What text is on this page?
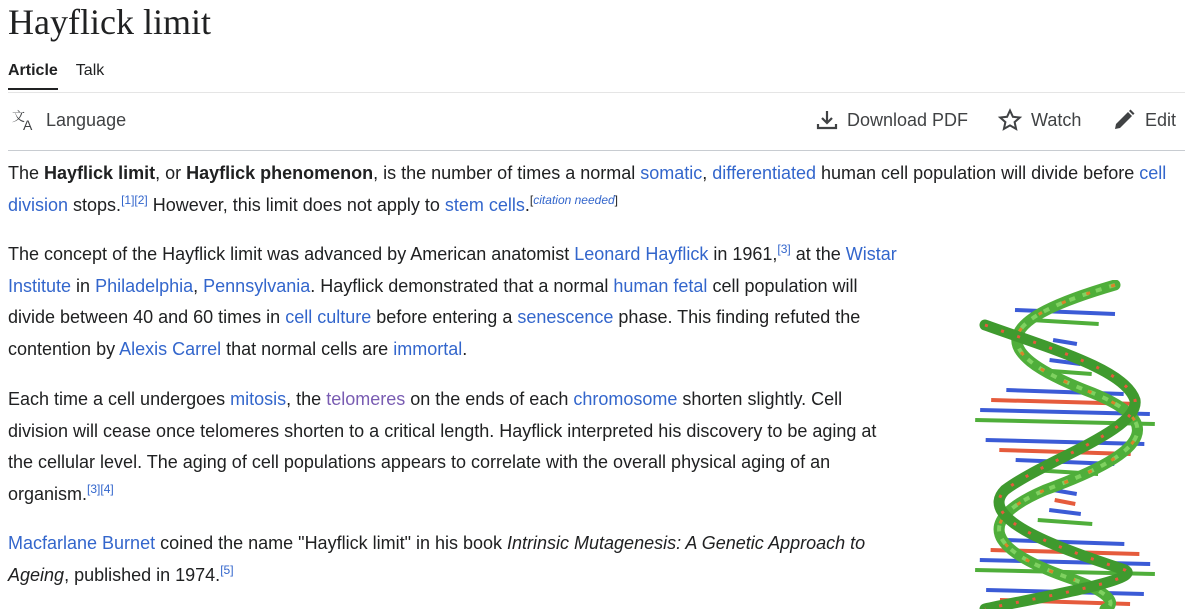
Hayflick limit
Article Talk
文
A Language	Download PDF	Watch	Edit

The Hayflick limit, or Hayflick phenomenon, is the number of times a normal somatic, differentiated human cell population will divide before cell division stops.[1][2] However, this limit does not apply to stem cells.[citation needed]

The concept of the Hayflick limit was advanced by American anatomist Leonard Hayflick in 1961,[3] at the Wistar Institute in Philadelphia, Pennsylvania. Hayflick demonstrated that a normal human fetal cell population will divide between 40 and 60 times in cell culture before entering a senescence phase. This finding refuted the contention by Alexis Carrel that normal cells are immortal.

Each time a cell undergoes mitosis, the telomeres on the ends of each chromosome shorten slightly. Cell division will cease once telomeres shorten to a critical length. Hayflick interpreted his discovery to be aging at the cellular level. The aging of cell populations appears to correlate with the overall physical aging of an organism.[3][4]

Macfarlane Burnet coined the name "Hayflick limit" in his book Intrinsic Mutagenesis: A Genetic Approach to Ageing, published in 1974.[5]
